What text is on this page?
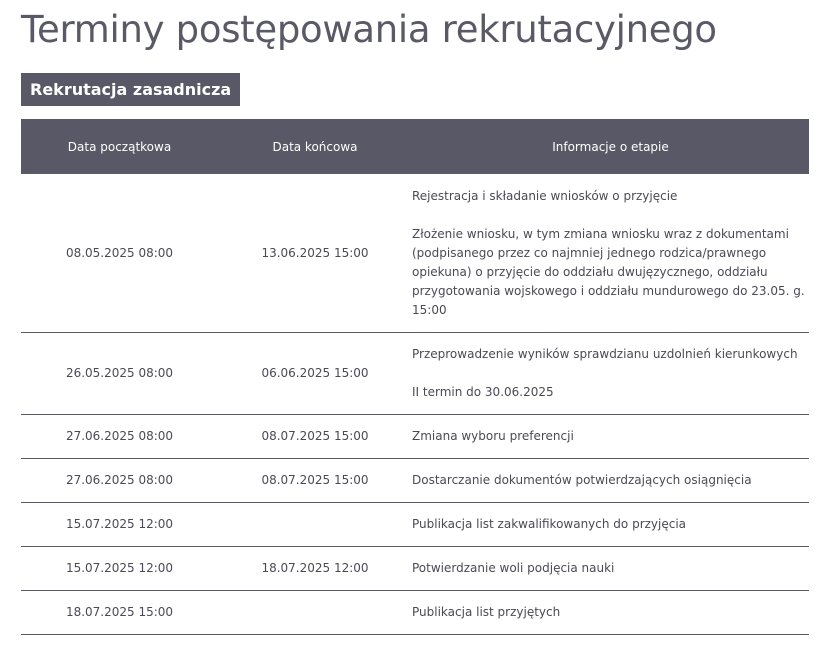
Terminy postępowania rekrutacyjnego
Rekrutacja zasadnicza
Data początkowa	Data końcowa	Informacje o etapie
08.05.2025 08:00	13.06.2025 15:00	Rejestracja i składanie wniosków o przyjęcie
Złożenie wniosku, w tym zmiana wniosku wraz z dokumentami (podpisanego przez co najmniej jednego rodzica/prawnego opiekuna) o przyjęcie do oddziału dwujęzycznego, oddziału przygotowania wojskowego i oddziału mundurowego do 23.05. g. 15:00

26.05.2025 08:00	06.06.2025 15:00	Przeprowadzenie wyników sprawdzianu uzdolnień kierunkowych
II termin do 30.06.2025

27.06.2025 08:00	08.07.2025 15:00	Zmiana wyboru preferencji
27.06.2025 08:00	08.07.2025 15:00	Dostarczanie dokumentów potwierdzających osiągnięcia
15.07.2025 12:00		Publikacja list zakwalifikowanych do przyjęcia
15.07.2025 12:00	18.07.2025 12:00	Potwierdzanie woli podjęcia nauki
18.07.2025 15:00		Publikacja list przyjętych
